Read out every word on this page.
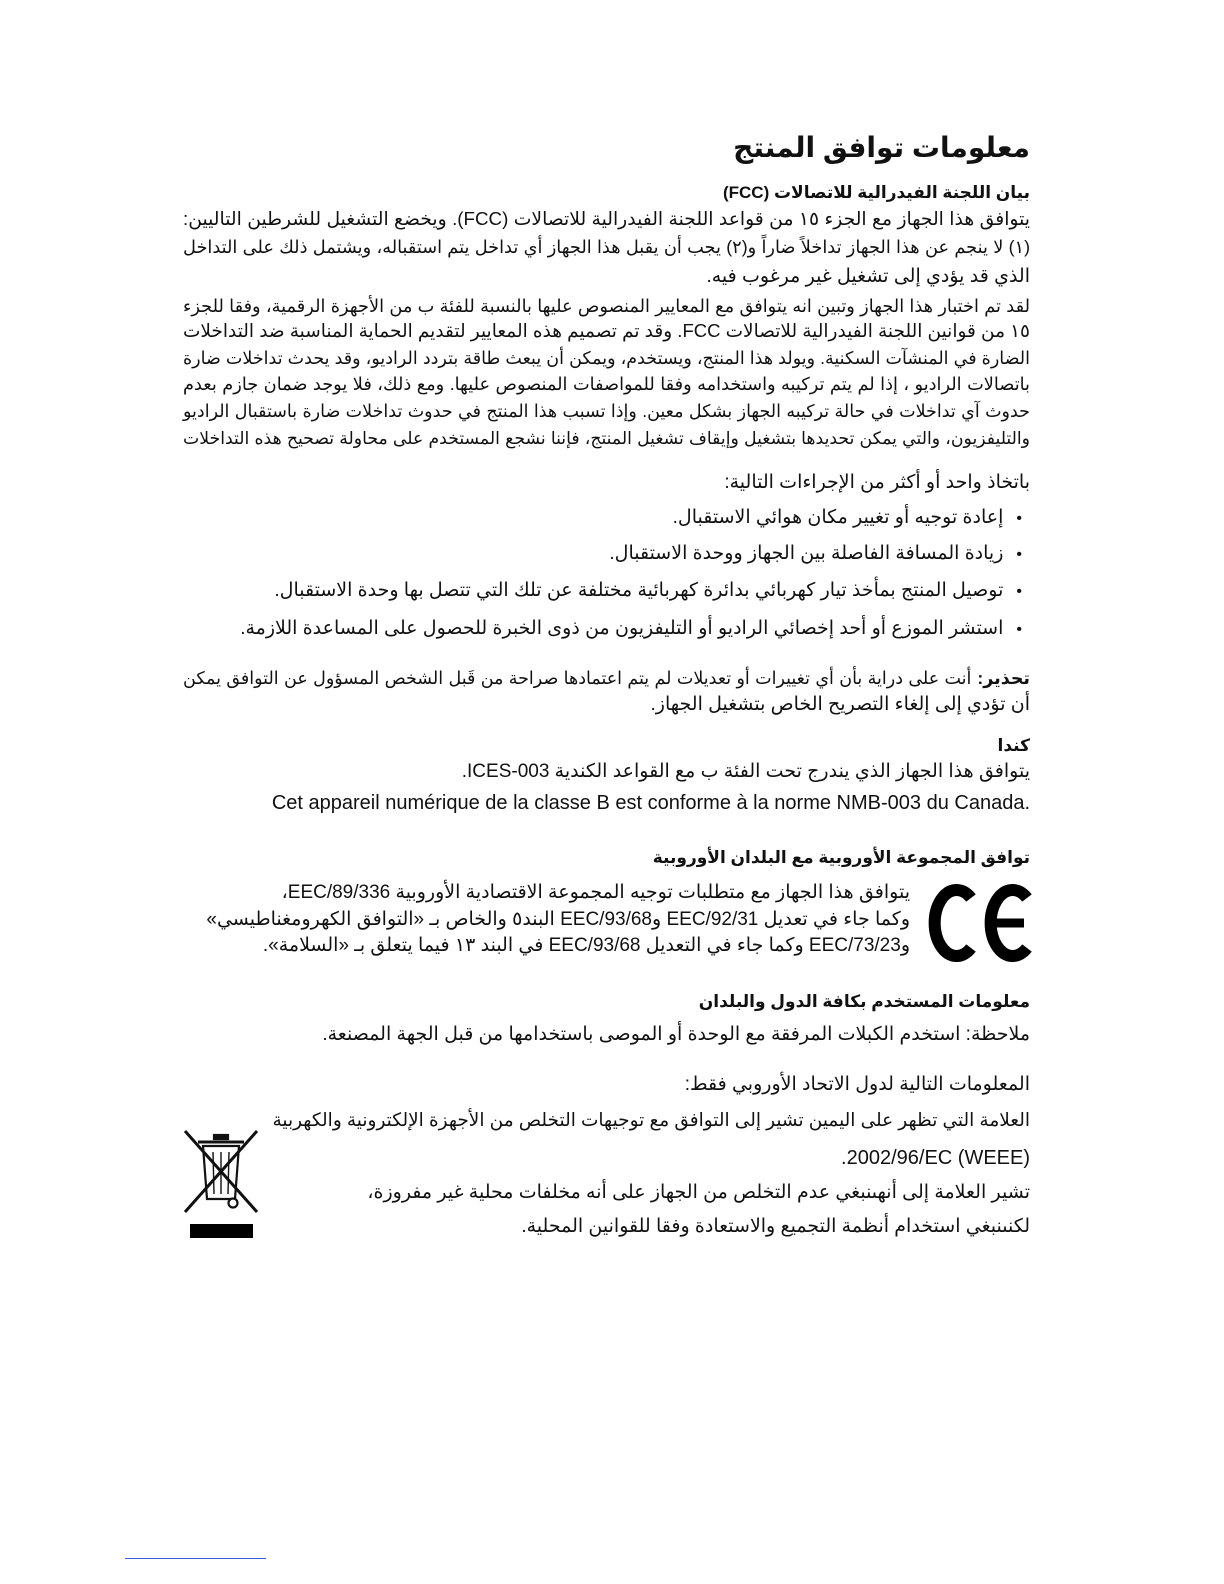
معلومات توافق المنتج
بيان اللجنة الفيدرالية للاتصالات (FCC)
يتوافق هذا الجهاز مع الجزء ١٥ من قواعد اللجنة الفيدرالية للاتصالات (FCC). ويخضع التشغيل للشرطين التاليين:
(١) لا ينجم عن هذا الجهاز تداخلاً ضاراً و(٢) يجب أن يقبل هذا الجهاز أي تداخل يتم استقباله، ويشتمل ذلك على التداخل
الذي قد يؤدي إلى تشغيل غير مرغوب فيه.
لقد تم اختبار هذا الجهاز وتبين انه يتوافق مع المعايير المنصوص عليها بالنسبة للفئة ب من الأجهزة الرقمية، وفقا للجزء
١٥ من قوانين اللجنة الفيدرالية للاتصالات FCC. وقد تم تصميم هذه المعايير لتقديم الحماية المناسبة ضد التداخلات
الضارة في المنشآت السكنية. ويولد هذا المنتج، ويستخدم، ويمكن أن يبعث طاقة بتردد الراديو، وقد يحدث تداخلات ضارة
باتصالات الراديو ، إذا لم يتم تركيبه واستخدامه وفقا للمواصفات المنصوص عليها. ومع ذلك، فلا يوجد ضمان جازم بعدم
حدوث آي تداخلات في حالة تركيبه الجهاز بشكل معين. وإذا تسبب هذا المنتج في حدوث تداخلات ضارة باستقبال الراديو
والتليفزيون، والتي يمكن تحديدها بتشغيل وإيقاف تشغيل المنتج، فإننا نشجع المستخدم على محاولة تصحيح هذه التداخلات
باتخاذ واحد أو أكثر من الإجراءات التالية:
•إعادة توجيه أو تغيير مكان هوائي الاستقبال.
•زيادة المسافة الفاصلة بين الجهاز ووحدة الاستقبال.
•توصيل المنتج بمأخذ تيار كهربائي بدائرة كهربائية مختلفة عن تلك التي تتصل بها وحدة الاستقبال.
•استشر الموزع أو أحد إخصائي الراديو أو التليفزيون من ذوى الخبرة للحصول على المساعدة اللازمة.
تحذير:أنت على دراية بأن أي تغييرات أو تعديلات لم يتم اعتمادها صراحة من قَبل الشخص المسؤول عن التوافق يمكن
أن تؤدي إلى إلغاء التصريح الخاص بتشغيل الجهاز.
كندا
يتوافق هذا الجهاز الذي يندرج تحت الفئة ب مع القواعد الكندية ICES-003.
Cet appareil numérique de la classe B est conforme à la norme NMB-003 du Canada.
توافق المجموعة الأوروبية مع البلدان الأوروبية
يتوافق هذا الجهاز مع متطلبات توجيه المجموعة الاقتصادية الأوروبية EEC/89/336،
وكما جاء في تعديل EEC/92/31 وEEC/93/68 البند٥ والخاص بـ «التوافق الكهرومغناطيسي»
وEEC/73/23 وكما جاء في التعديل EEC/93/68 في البند ١٣ فيما يتعلق بـ «السلامة».
معلومات المستخدم بكافة الدول والبلدان
ملاحظة: استخدم الكبلات المرفقة مع الوحدة أو الموصى باستخدامها من قبل الجهة المصنعة.
المعلومات التالية لدول الاتحاد الأوروبي فقط:
العلامة التي تظهر على اليمين تشير إلى التوافق مع توجيهات التخلص من الأجهزة الإلكترونية والكهربية
.2002/96/EC (WEEE)
تشير العلامة إلى أنهىنبغي عدم التخلص من الجهاز على أنه مخلفات محلية غير مفروزة،
لكنىنبغي استخدام أنظمة التجميع والاستعادة وفقا للقوانين المحلية.
